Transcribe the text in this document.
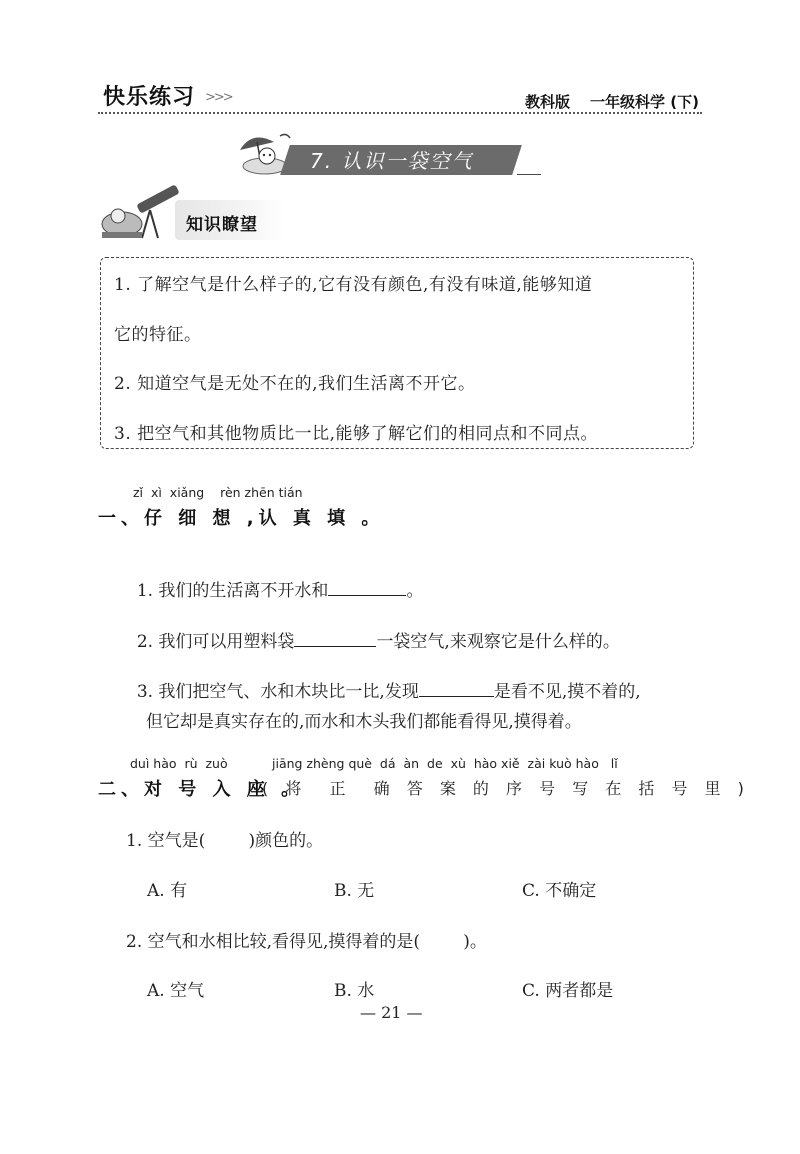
快乐练习 >>>	教科版 一年级科学 (下)
7. 认识一袋空气
知识瞭望
1. 了解空气是什么样子的,它有没有颜色,有没有味道,能够知道
它的特征。
2. 知道空气是无处不在的,我们生活离不开它。
3. 把空气和其他物质比一比,能够了解它们的相同点和不同点。
zǐ  xì  xiǎng    rèn zhēn tián
一、仔 细 想 ,认 真 填 。

1. 我们的生活离不开水和	。

2. 我们可以用塑料袋	一袋空气,来观察它是什么样的。

3. 我们把空气、水和木块比一比,发现	是看不见,摸不着的,

但它却是真实存在的,而水和木头我们都能看得见,摸得着。
duì hào  rù  zuò	jiāng zhèng què  dá  àn  de  xù  hào xiě  zài kuò hào   lǐ
二、对 号 入 座 。
( 将  正  确 答 案 的 序 号 写 在 括 号 里 )
1. 空气是(        )颜色的。
A. 有	B. 无	C. 不确定
2. 空气和水相比较,看得见,摸得着的是(        )。
A. 空气	B. 水	C. 两者都是
— 21 —
